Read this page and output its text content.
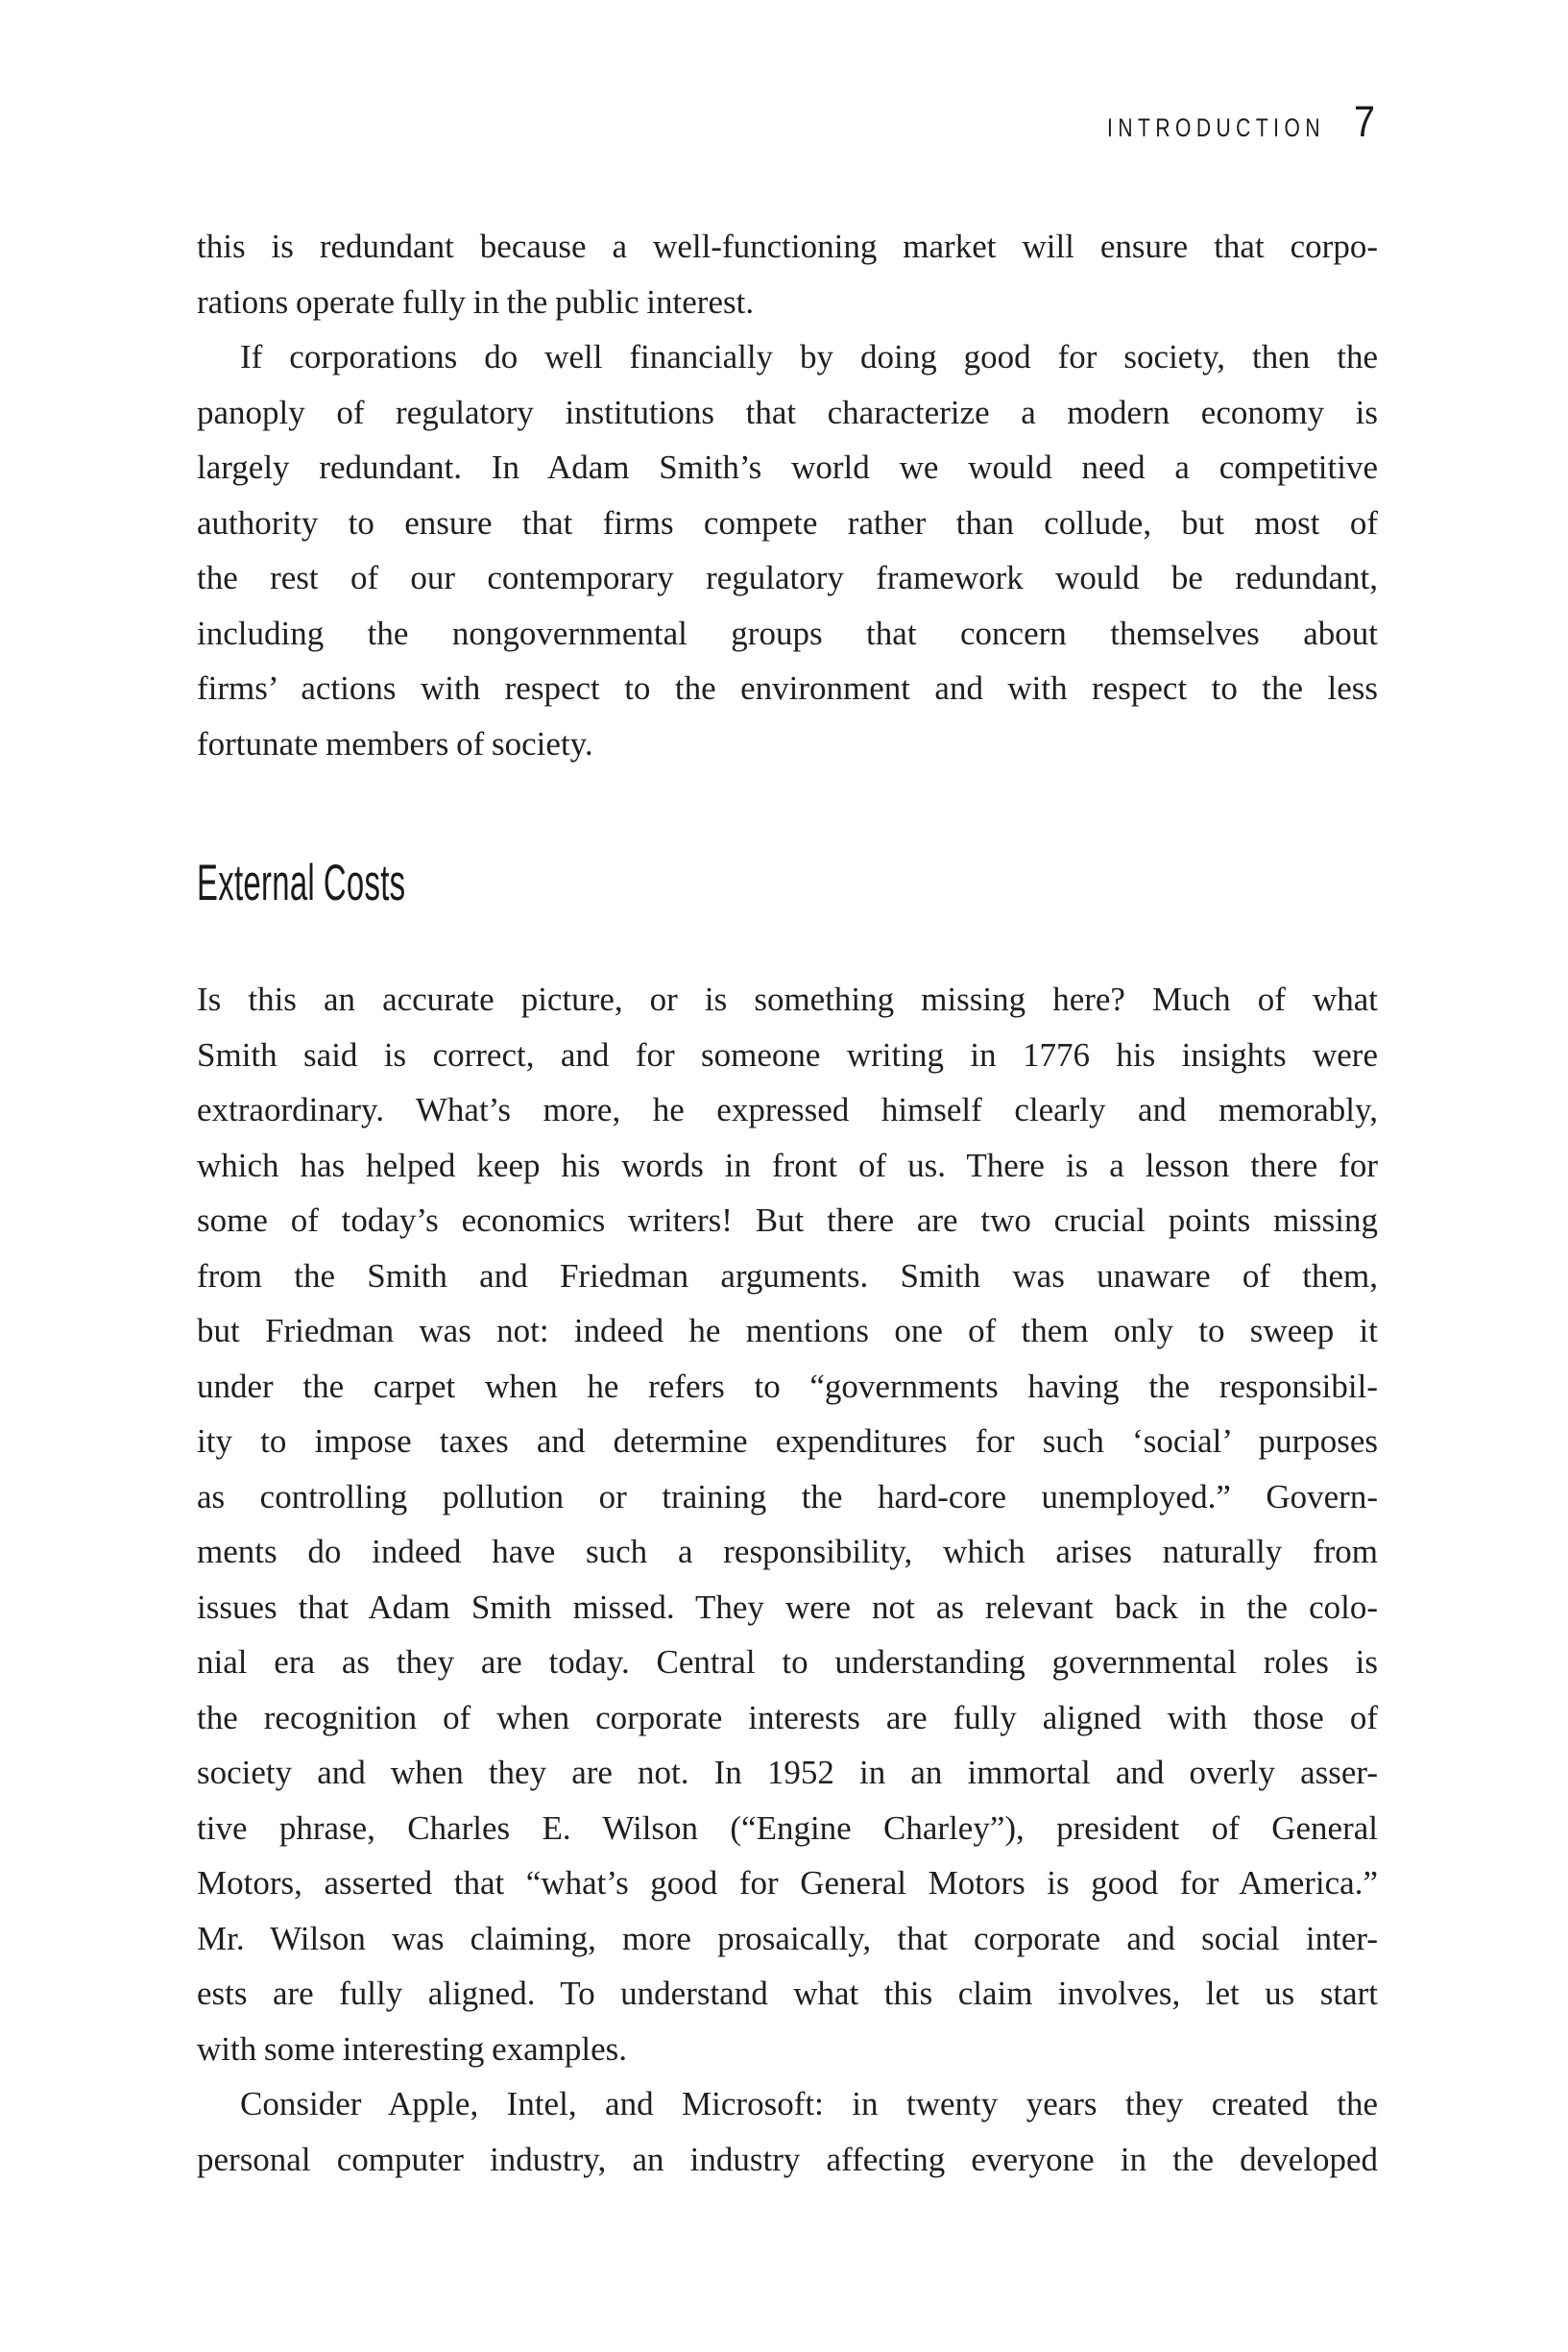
INTRODUCTION 7
this is redundant because a well-functioning market will ensure that corpo-
rations operate fully in the public interest.
If corporations do well financially by doing good for society, then the
panoply of regulatory institutions that characterize a modern economy is
largely redundant. In Adam Smith’s world we would need a competitive
authority to ensure that firms compete rather than collude, but most of
the rest of our contemporary regulatory framework would be redundant,
including the nongovernmental groups that concern themselves about
firms’ actions with respect to the environment and with respect to the less
fortunate members of society.
External Costs
Is this an accurate picture, or is something missing here? Much of what
Smith said is correct, and for someone writing in 1776 his insights were
extraordinary. What’s more, he expressed himself clearly and memorably,
which has helped keep his words in front of us. There is a lesson there for
some of today’s economics writers! But there are two crucial points missing
from the Smith and Friedman arguments. Smith was unaware of them,
but Friedman was not: indeed he mentions one of them only to sweep it
under the carpet when he refers to “governments having the responsibil-
ity to impose taxes and determine expenditures for such ‘social’ purposes
as controlling pollution or training the hard-core unemployed.” Govern-
ments do indeed have such a responsibility, which arises naturally from
issues that Adam Smith missed. They were not as relevant back in the colo-
nial era as they are today. Central to understanding governmental roles is
the recognition of when corporate interests are fully aligned with those of
society and when they are not. In 1952 in an immortal and overly asser-
tive phrase, Charles E. Wilson (“Engine Charley”), president of General
Motors, asserted that “what’s good for General Motors is good for America.”
Mr. Wilson was claiming, more prosaically, that corporate and social inter-
ests are fully aligned. To understand what this claim involves, let us start
with some interesting examples.
Consider Apple, Intel, and Microsoft: in twenty years they created the
personal computer industry, an industry affecting everyone in the developed
